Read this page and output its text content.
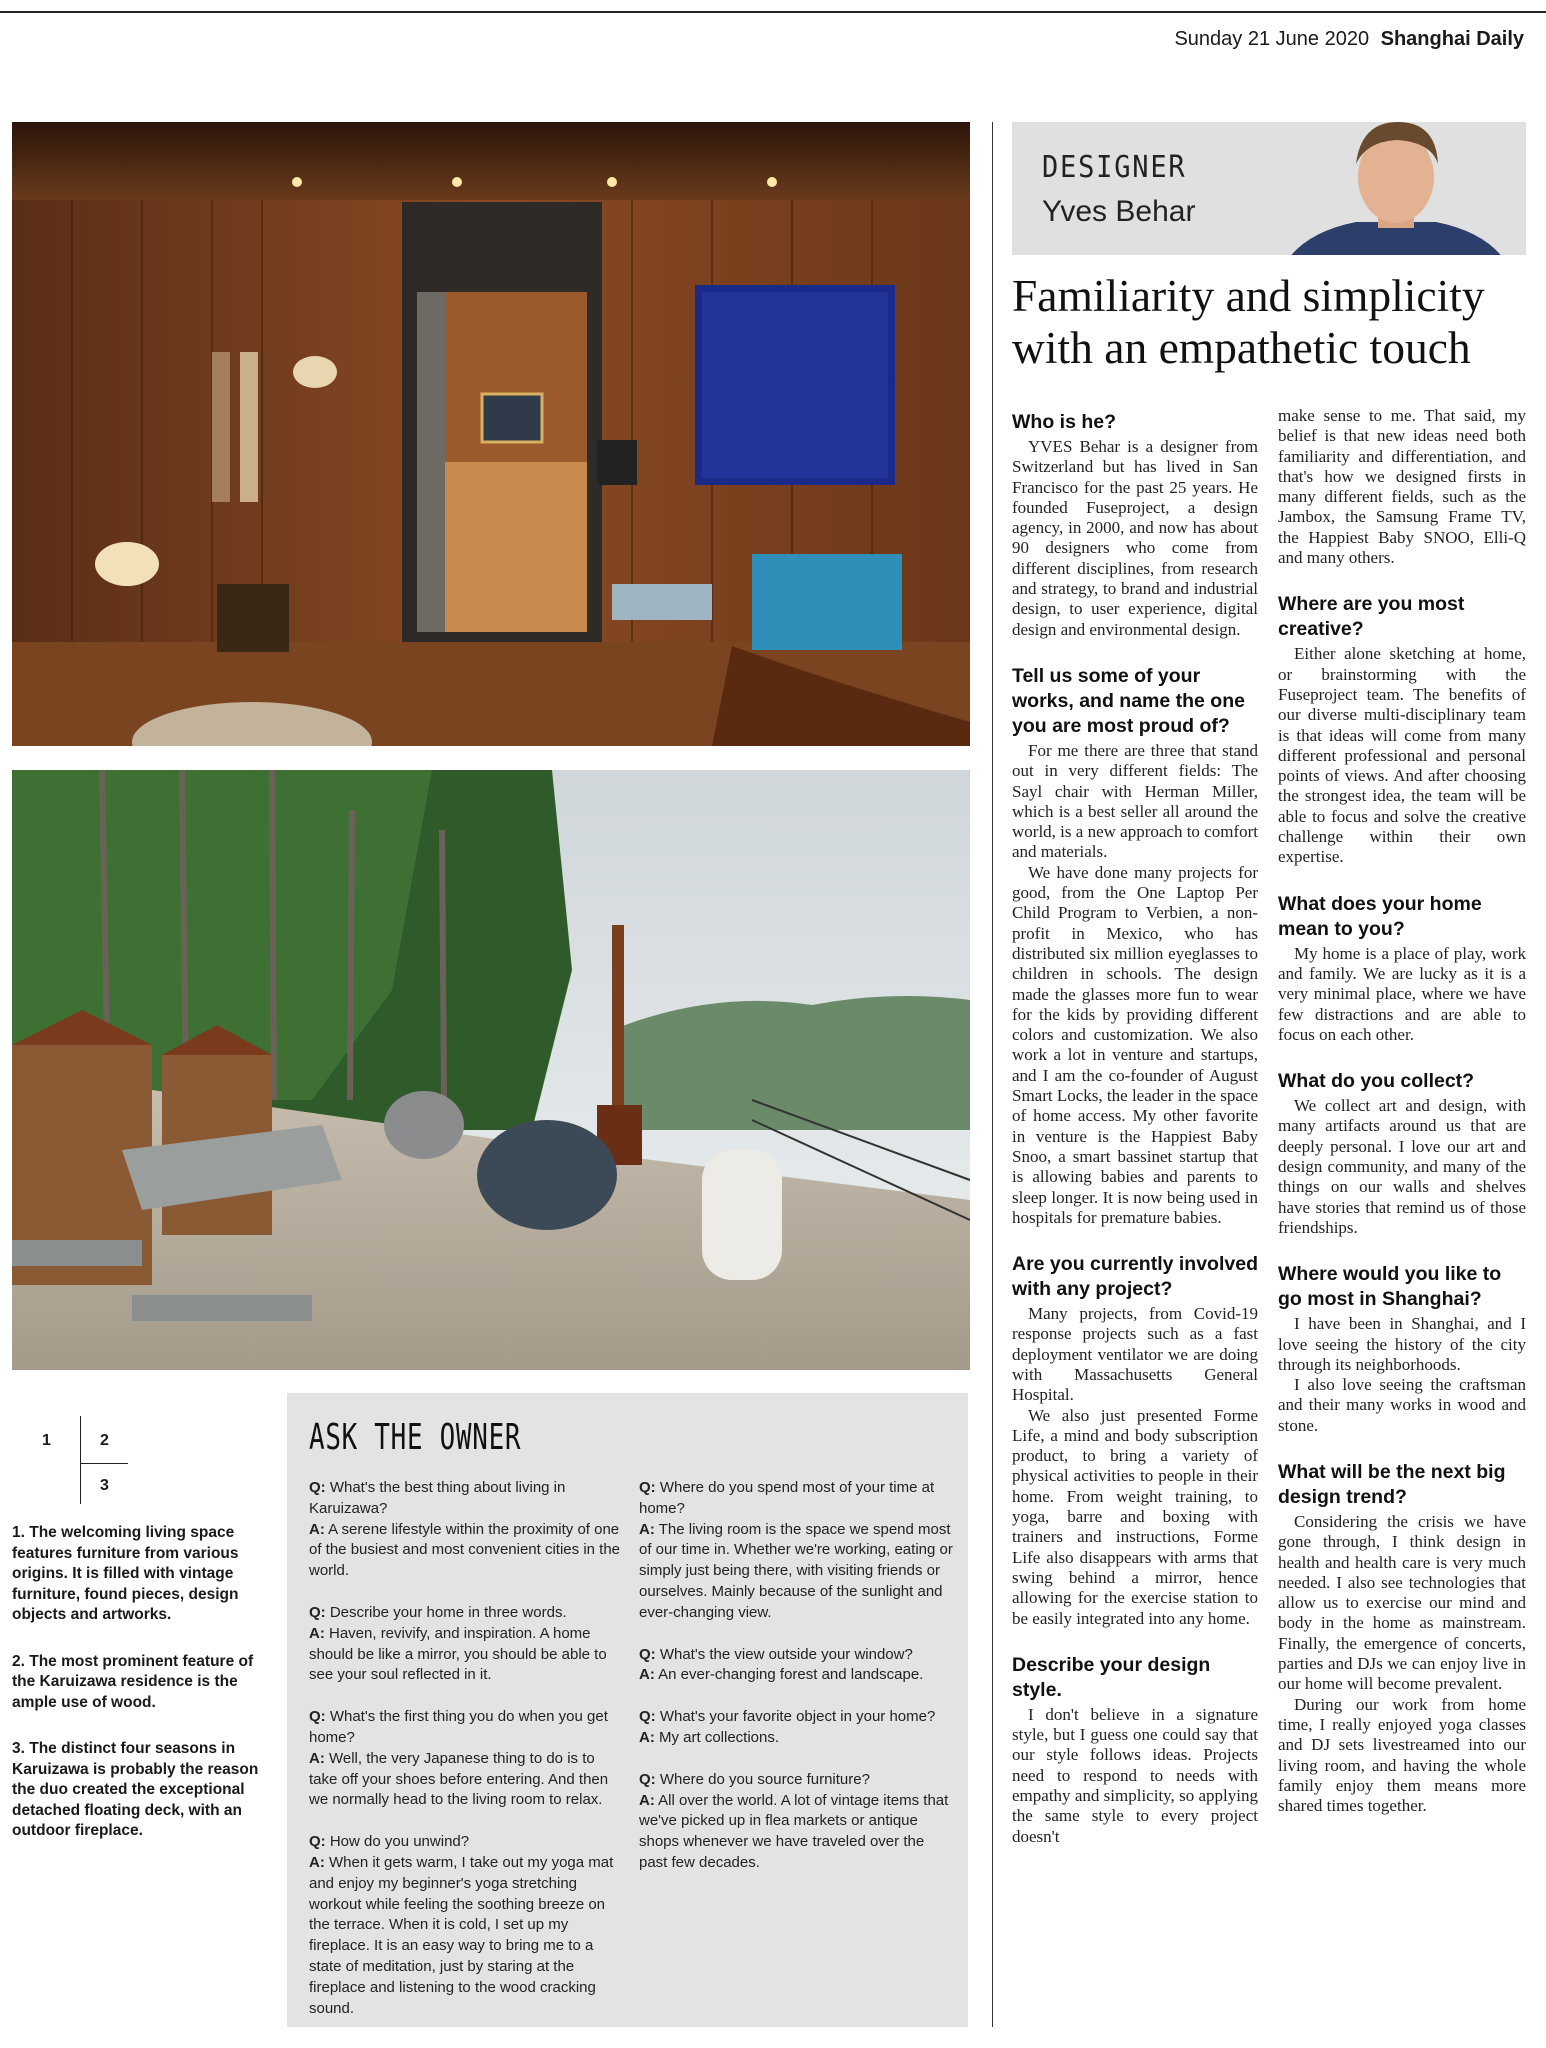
Sunday 21 June 2020 Shanghai Daily
1	2
3

1. The welcoming living space features furniture from various origins. It is filled with vintage furniture, found pieces, design objects and artworks.

2. The most prominent feature of the Karuizawa residence is the ample use of wood.

3. The distinct four seasons in Karuizawa is probably the reason the duo created the exceptional detached floating deck, with an outdoor fireplace.

ASK THE OWNER
Q: What's the best thing about living in Karuizawa?
A: A serene lifestyle within the proximity of one of the busiest and most convenient cities in the world.
Q: Describe your home in three words.
A: Haven, revivify, and inspiration. A home should be like a mirror, you should be able to see your soul reflected in it.
Q: What's the first thing you do when you get home?
A: Well, the very Japanese thing to do is to take off your shoes before entering. And then we normally head to the living room to relax.
Q: How do you unwind?
A: When it gets warm, I take out my yoga mat and enjoy my beginner's yoga stretching workout while feeling the soothing breeze on the terrace. When it is cold, I set up my fireplace. It is an easy way to bring me to a state of meditation, just by staring at the fireplace and listening to the wood cracking sound.
Q: Where do you spend most of your time at home?
A: The living room is the space we spend most of our time in. Whether we're working, eating or simply just being there, with visiting friends or ourselves. Mainly because of the sunlight and ever-changing view.
Q: What's the view outside your window?
A: An ever-changing forest and landscape.
Q: What's your favorite object in your home?
A: My art collections.
Q: Where do you source furniture?
A: All over the world. A lot of vintage items that we've picked up in flea markets or antique shops whenever we have traveled over the past few decades.
DESIGNER
Yves Behar
Familiarity and simplicity with an empathetic touch
Who is he?

YVES Behar is a designer from Switzerland but has lived in San Francisco for the past 25 years. He founded Fuseproject, a design agency, in 2000, and now has about 90 designers who come from different disciplines, from research and strategy, to brand and industrial design, to user experience, digital design and environmental design.

Tell us some of your works, and name the one you are most proud of?

For me there are three that stand out in very different fields: The Sayl chair with Herman Miller, which is a best seller all around the world, is a new approach to comfort and materials.

We have done many projects for good, from the One Laptop Per Child Program to Verbien, a non-profit in Mexico, who has distributed six million eyeglasses to children in schools. The design made the glasses more fun to wear for the kids by providing different colors and customization. We also work a lot in venture and startups, and I am the co-founder of August Smart Locks, the leader in the space of home access. My other favorite in venture is the Happiest Baby Snoo, a smart bassinet startup that is allowing babies and parents to sleep longer. It is now being used in hospitals for premature babies.

Are you currently involved with any project?

Many projects, from Covid-19 response projects such as a fast deployment ventilator we are doing with Massachusetts General Hospital.

We also just presented Forme Life, a mind and body subscription product, to bring a variety of physical activities to people in their home. From weight training, to yoga, barre and boxing with trainers and instructions, Forme Life also disappears with arms that swing behind a mirror, hence allowing for the exercise station to be easily integrated into any home.

Describe your design style.

I don't believe in a signature style, but I guess one could say that our style follows ideas. Projects need to respond to needs with empathy and simplicity, so applying the same style to every project doesn't

make sense to me. That said, my belief is that new ideas need both familiarity and differentiation, and that's how we designed firsts in many different fields, such as the Jambox, the Samsung Frame TV, the Happiest Baby SNOO, Elli-Q and many others.

Where are you most creative?

Either alone sketching at home, or brainstorming with the Fuseproject team. The benefits of our diverse multi-disciplinary team is that ideas will come from many different professional and personal points of views. And after choosing the strongest idea, the team will be able to focus and solve the creative challenge within their own expertise.

What does your home mean to you?

My home is a place of play, work and family. We are lucky as it is a very minimal place, where we have few distractions and are able to focus on each other.

What do you collect?

We collect art and design, with many artifacts around us that are deeply personal. I love our art and design community, and many of the things on our walls and shelves have stories that remind us of those friendships.

Where would you like to go most in Shanghai?

I have been in Shanghai, and I love seeing the history of the city through its neighborhoods.

I also love seeing the craftsman and their many works in wood and stone.

What will be the next big design trend?

Considering the crisis we have gone through, I think design in health and health care is very much needed. I also see technologies that allow us to exercise our mind and body in the home as mainstream. Finally, the emergence of concerts, parties and DJs we can enjoy live in our home will become prevalent.

During our work from home time, I really enjoyed yoga classes and DJ sets livestreamed into our living room, and having the whole family enjoy them means more shared times together.
